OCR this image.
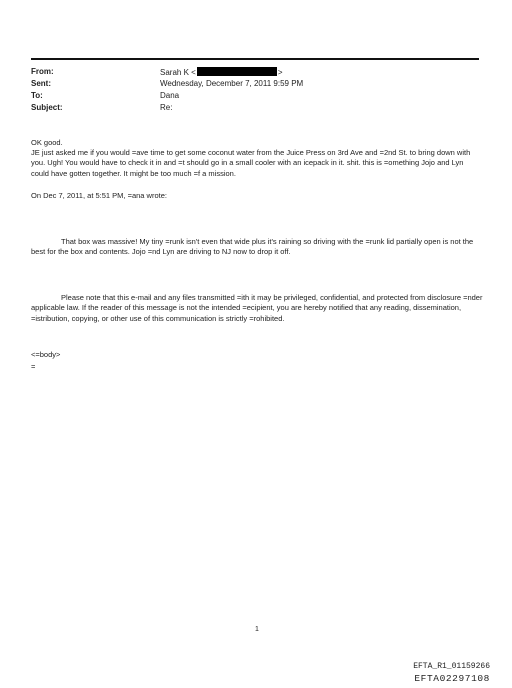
From:	Sarah K <	>
Sent:	Wednesday, December 7, 2011 9:59 PM
To:	Dana
Subject:	Re:
OK good.
JE just asked me if you would =ave time to get some coconut water from the Juice Press on 3rd Ave and =2nd St. to bring down with you. Ugh! You would have to check it in and =t should go in a small cooler with an icepack in it. shit. this is =omething Jojo and Lyn could have gotten together. It might be too much =f a mission.
On Dec 7, 2011, at 5:51 PM, =ana wrote:
That box was massive! My tiny =runk isn't even that wide plus it's raining so driving with the =runk lid partially open is not the best for the box and contents. Jojo =nd Lyn are driving to NJ now to drop it off.
Please note that this e-mail and any files transmitted =ith it may be privileged, confidential, and protected from disclosure =nder applicable law. If the reader of this message is not the intended =ecipient, you are hereby notified that any reading, dissemination, =istribution, copying, or other use of this communication is strictly =rohibited.
<=body>
=
1
EFTA_R1_01159266
EFTA02297108
